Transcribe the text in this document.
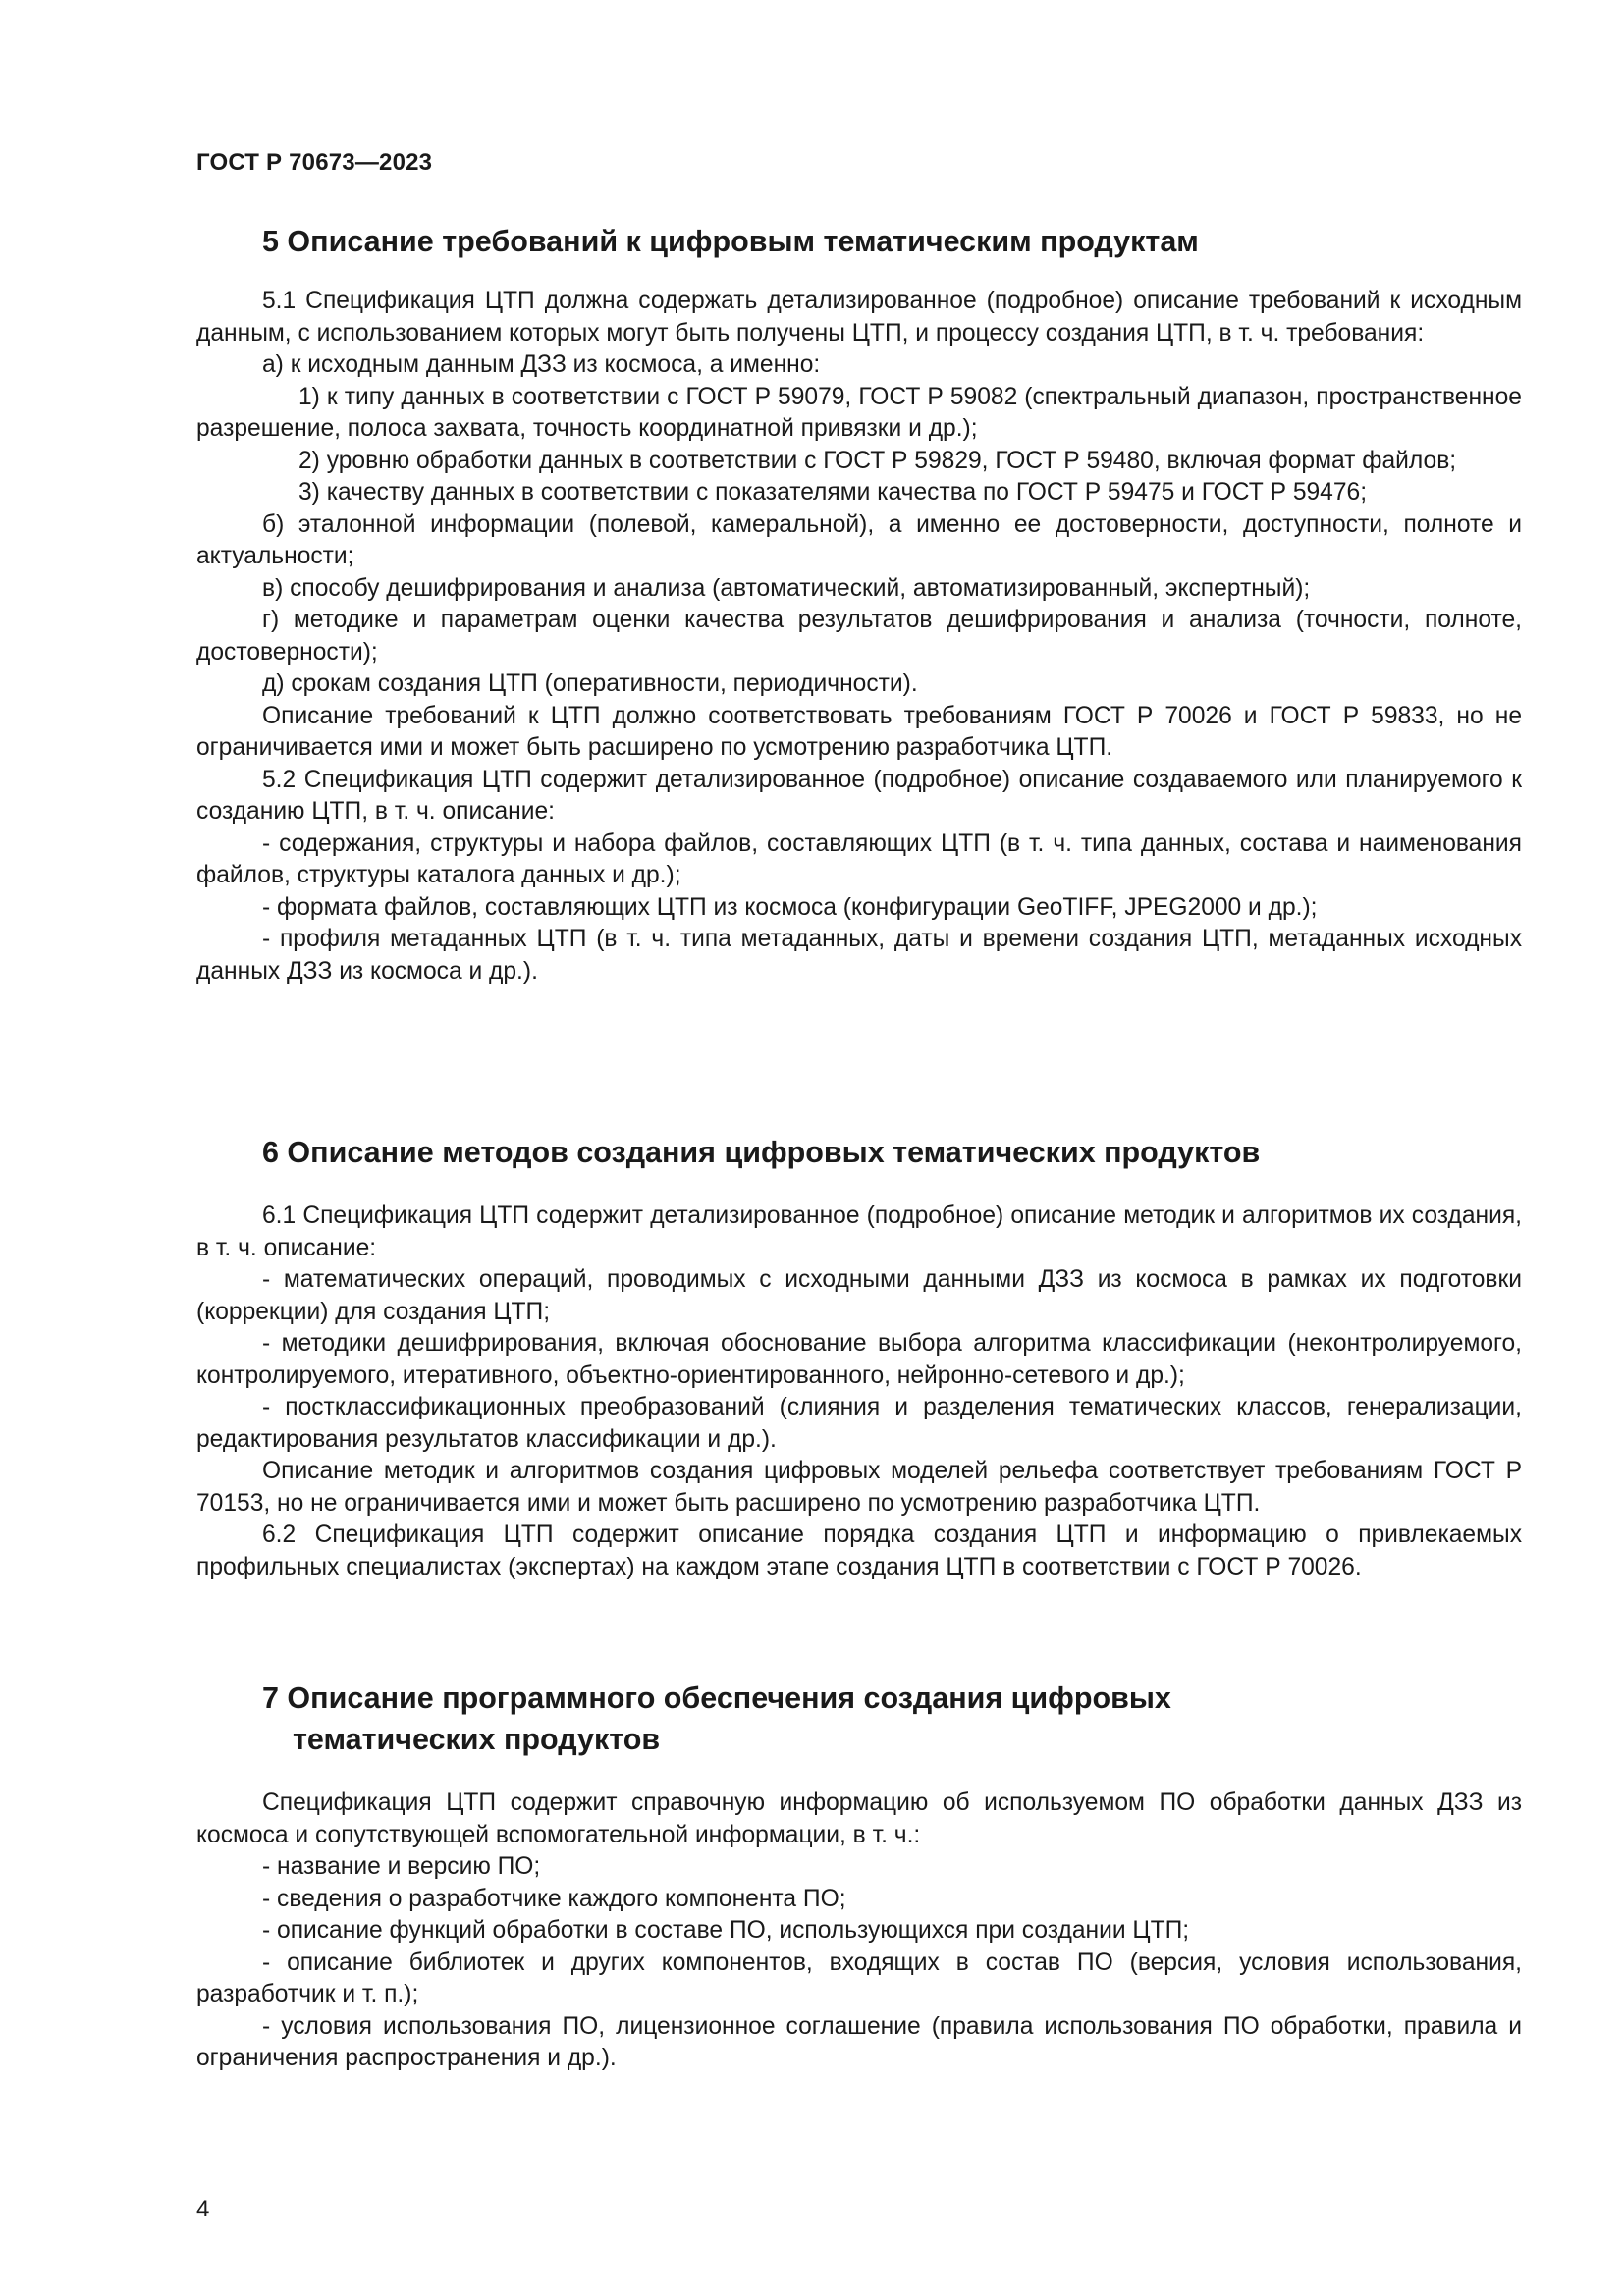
ГОСТ Р 70673—2023
5 Описание требований к цифровым тематическим продуктам

5.1 Спецификация ЦТП должна содержать детализированное (подробное) описание требований к исходным данным, с использованием которых могут быть получены ЦТП, и процессу создания ЦТП, в т. ч. требования:

а) к исходным данным ДЗЗ из космоса, а именно:

1) к типу данных в соответствии с ГОСТ Р 59079, ГОСТ Р 59082 (спектральный диапазон, пространственное разрешение, полоса захвата, точность координатной привязки и др.);

2) уровню обработки данных в соответствии с ГОСТ Р 59829, ГОСТ Р 59480, включая формат файлов;

3) качеству данных в соответствии с показателями качества по ГОСТ Р 59475 и ГОСТ Р 59476;

б) эталонной информации (полевой, камеральной), а именно ее достоверности, доступности, полноте и актуальности;

в) способу дешифрирования и анализа (автоматический, автоматизированный, экспертный);

г) методике и параметрам оценки качества результатов дешифрирования и анализа (точности, полноте, достоверности);

д) срокам создания ЦТП (оперативности, периодичности).

Описание требований к ЦТП должно соответствовать требованиям ГОСТ Р 70026 и ГОСТ Р 59833, но не ограничивается ими и может быть расширено по усмотрению разработчика ЦТП.

5.2 Спецификация ЦТП содержит детализированное (подробное) описание создаваемого или планируемого к созданию ЦТП, в т. ч. описание:

- содержания, структуры и набора файлов, составляющих ЦТП (в т. ч. типа данных, состава и наименования файлов, структуры каталога данных и др.);

- формата файлов, составляющих ЦТП из космоса (конфигурации GeoTIFF, JPEG2000 и др.);

- профиля метаданных ЦТП (в т. ч. типа метаданных, даты и времени создания ЦТП, метаданных исходных данных ДЗЗ из космоса и др.).

6 Описание методов создания цифровых тематических продуктов

6.1 Спецификация ЦТП содержит детализированное (подробное) описание методик и алгоритмов их создания, в т. ч. описание:

- математических операций, проводимых с исходными данными ДЗЗ из космоса в рамках их подготовки (коррекции) для создания ЦТП;

- методики дешифрирования, включая обоснование выбора алгоритма классификации (неконтролируемого, контролируемого, итеративного, объектно-ориентированного, нейронно-сетевого и др.);

- постклассификационных преобразований (слияния и разделения тематических классов, генерализации, редактирования результатов классификации и др.).

Описание методик и алгоритмов создания цифровых моделей рельефа соответствует требованиям ГОСТ Р 70153, но не ограничивается ими и может быть расширено по усмотрению разработчика ЦТП.

6.2 Спецификация ЦТП содержит описание порядка создания ЦТП и информацию о привлекаемых профильных специалистах (экспертах) на каждом этапе создания ЦТП в соответствии с ГОСТ Р 70026.

7 Описание программного обеспечения создания цифровых
тематических продуктов

Спецификация ЦТП содержит справочную информацию об используемом ПО обработки данных ДЗЗ из космоса и сопутствующей вспомогательной информации, в т. ч.:

- название и версию ПО;

- сведения о разработчике каждого компонента ПО;

- описание функций обработки в составе ПО, использующихся при создании ЦТП;

- описание библиотек и других компонентов, входящих в состав ПО (версия, условия использования, разработчик и т. п.);

- условия использования ПО, лицензионное соглашение (правила использования ПО обработки, правила и ограничения распространения и др.).

4
